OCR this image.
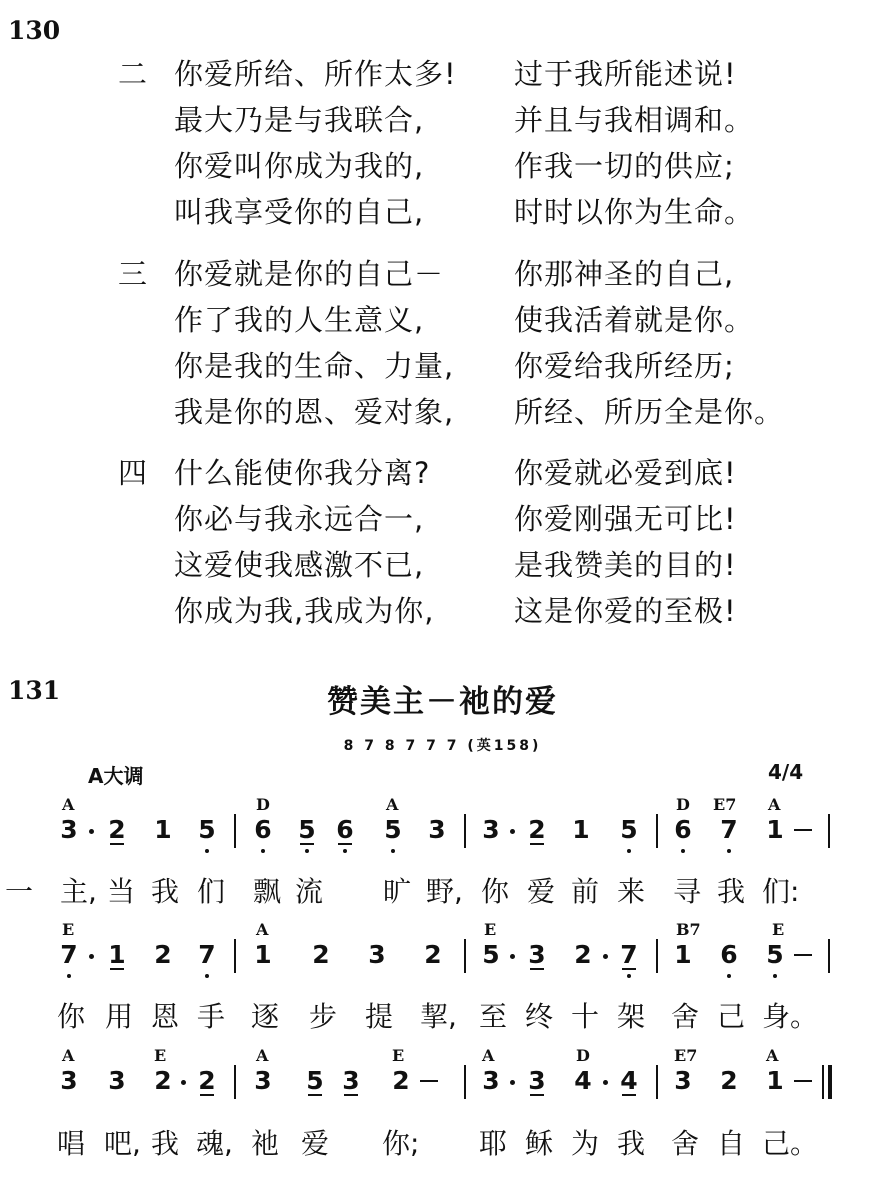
130
二 你爱所给、所作太多! 过于我所能述说!
最大乃是与我联合,	并且与我相调和。
你爱叫你成为我的,	作我一切的供应;
叫我享受你的自己,	时时以你为生命。
三 你爱就是你的自己－ 你那神圣的自己,
作了我的人生意义,	使我活着就是你。
你是我的生命、力量, 你爱给我所经历;
我是你的恩、爱对象, 所经、所历全是你。
四 什么能使你我分离?	你爱就必爱到底!
你必与我永远合一,	你爱刚强无可比!
这爱使我感激不已,	是我赞美的目的!
你成为我,我成为你,	这是你爱的至极!
131	赞美主－祂的爱
8 7 8 7 7 7 (英158)
A大调	4/4
A	D	A	D E7 A
3 2 1 5 6 5 6 5 3 3 2 1 5 6 7 1
一 主, 当 我 们 飘 流 旷 野, 你 爱 前 来 寻 我 们:
E	A	E	B7	E
7 1 2 7 1 2 3 2 5 3 2 7 1 6 5
你 用 恩 手 逐 步 提 挈, 至 终 十 架 舍 己 身。
A	E	A	E	A	D	E7	A
3 3 2 2 3 5 3 2	3 3 4 4 3 2 1
唱 吧, 我 魂, 祂 爱 你; 耶 稣 为 我 舍 自 己。
